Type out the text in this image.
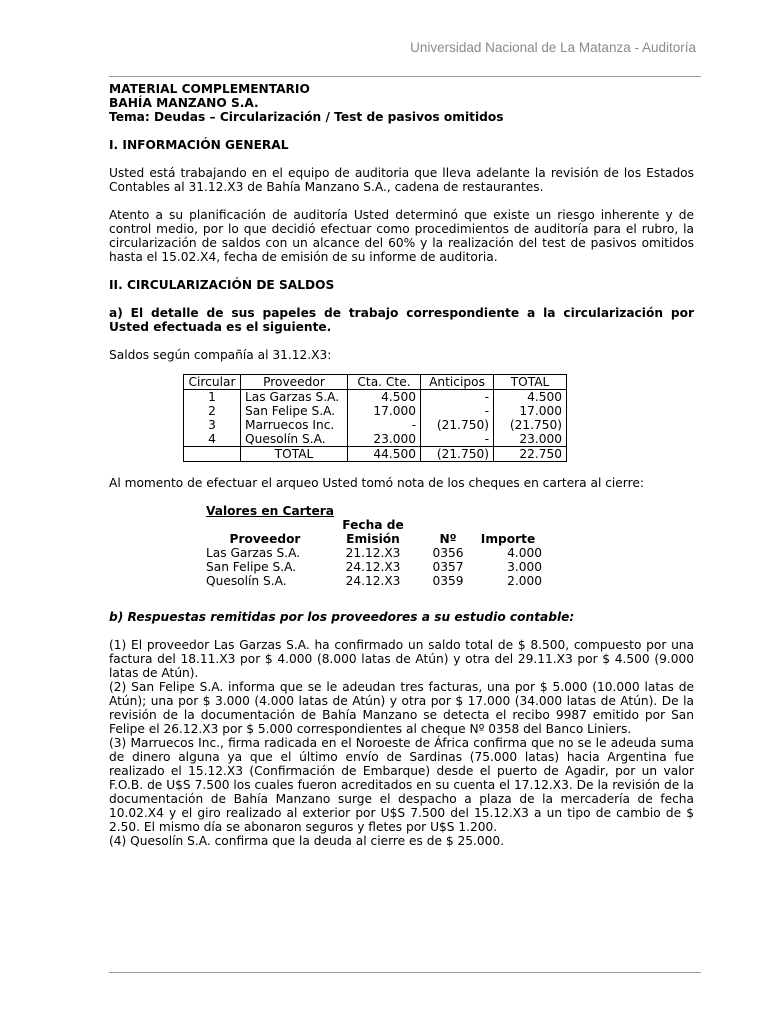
Universidad Nacional de La Matanza - Auditoría
MATERIAL COMPLEMENTARIO
BAHÍA MANZANO S.A.
Tema: Deudas – Circularización / Test de pasivos omitidos
I. INFORMACIÓN GENERAL

Usted está trabajando en el equipo de auditoria que lleva adelante la revisión de los Estados Contables al 31.12.X3 de Bahía Manzano S.A., cadena de restaurantes.

Atento a su planificación de auditoría Usted determinó que existe un riesgo inherente y de control medio, por lo que decidió efectuar como procedimientos de auditoría para el rubro, la circularización de saldos con un alcance del 60% y la realización del test de pasivos omitidos hasta el 15.02.X4, fecha de emisión de su informe de auditoria.

II. CIRCULARIZACIÓN DE SALDOS

a) El detalle de sus papeles de trabajo correspondiente a la circularización por Usted efectuada es el siguiente.

Saldos según compañía al 31.12.X3:

Circular	Proveedor	Cta. Cte.	Anticipos	TOTAL
1	Las Garzas S.A.	4.500	-	4.500
2	San Felipe S.A.	17.000	-	17.000
3	Marruecos Inc.	-	(21.750)	(21.750)
4	Quesolín S.A.	23.000	-	23.000
	TOTAL	44.500	(21.750)	22.750

Al momento de efectuar el arqueo Usted tomó nota de los cheques en cartera al cierre:

Valores en Cartera
Proveedor	Fecha de Emisión	Nº	Importe
Las Garzas S.A.	21.12.X3	0356	4.000
San Felipe S.A.	24.12.X3	0357	3.000
Quesolín S.A.	24.12.X3	0359	2.000

b) Respuestas remitidas por los proveedores a su estudio contable:

(1) El proveedor Las Garzas S.A. ha confirmado un saldo total de $ 8.500, compuesto por una factura del 18.11.X3 por $ 4.000 (8.000 latas de Atún) y otra del 29.11.X3 por $ 4.500 (9.000 latas de Atún).

(2) San Felipe S.A. informa que se le adeudan tres facturas, una por $ 5.000 (10.000 latas de Atún); una por $ 3.000 (4.000 latas de Atún) y otra por $ 17.000 (34.000 latas de Atún). De la revisión de la documentación de Bahía Manzano se detecta el recibo 9987 emitido por San Felipe el 26.12.X3 por $ 5.000 correspondientes al cheque Nº 0358 del Banco Liniers.

(3) Marruecos Inc., firma radicada en el Noroeste de África confirma que no se le adeuda suma de dinero alguna ya que el último envío de Sardinas (75.000 latas) hacia Argentina fue realizado el 15.12.X3 (Confirmación de Embarque) desde el puerto de Agadir, por un valor F.O.B. de U$S 7.500 los cuales fueron acreditados en su cuenta el 17.12.X3. De la revisión de la documentación de Bahía Manzano surge el despacho a plaza de la mercadería de fecha 10.02.X4 y el giro realizado al exterior por U$S 7.500 del 15.12.X3 a un tipo de cambio de $ 2.50. El mismo día se abonaron seguros y fletes por U$S 1.200.

(4) Quesolín S.A. confirma que la deuda al cierre es de $ 25.000.
